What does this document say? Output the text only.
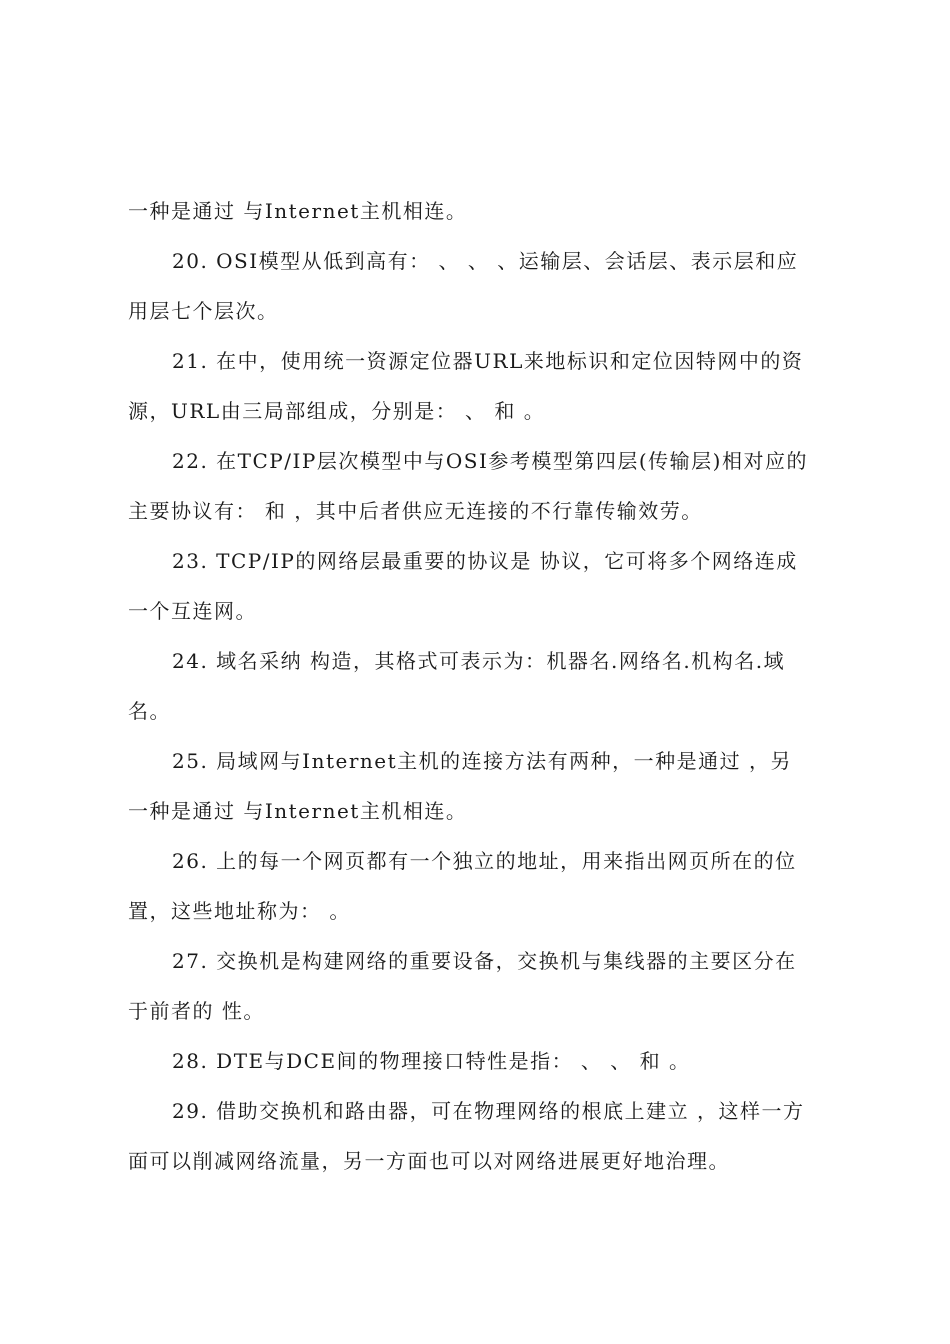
一种是通过 与Internet主机相连。
20. OSI模型从低到高有： 、 、 、运输层、会话层、表示层和应
用层七个层次。
21. 在中，使用统一资源定位器URL来地标识和定位因特网中的资
源，URL由三局部组成，分别是： 、 和 。
22. 在TCP/IP层次模型中与OSI参考模型第四层(传输层)相对应的
主要协议有： 和 ，其中后者供应无连接的不行靠传输效劳。
23. TCP/IP的网络层最重要的协议是 协议，它可将多个网络连成
一个互连网。
24. 域名采纳 构造，其格式可表示为：机器名.网络名.机构名.域
名。
25. 局域网与Internet主机的连接方法有两种，一种是通过 ，另
一种是通过 与Internet主机相连。
26. 上的每一个网页都有一个独立的地址，用来指出网页所在的位
置，这些地址称为： 。
27. 交换机是构建网络的重要设备，交换机与集线器的主要区分在
于前者的 性。
28. DTE与DCE间的物理接口特性是指： 、 、 和 。
29. 借助交换机和路由器，可在物理网络的根底上建立 ，这样一方
面可以削减网络流量，另一方面也可以对网络进展更好地治理。
